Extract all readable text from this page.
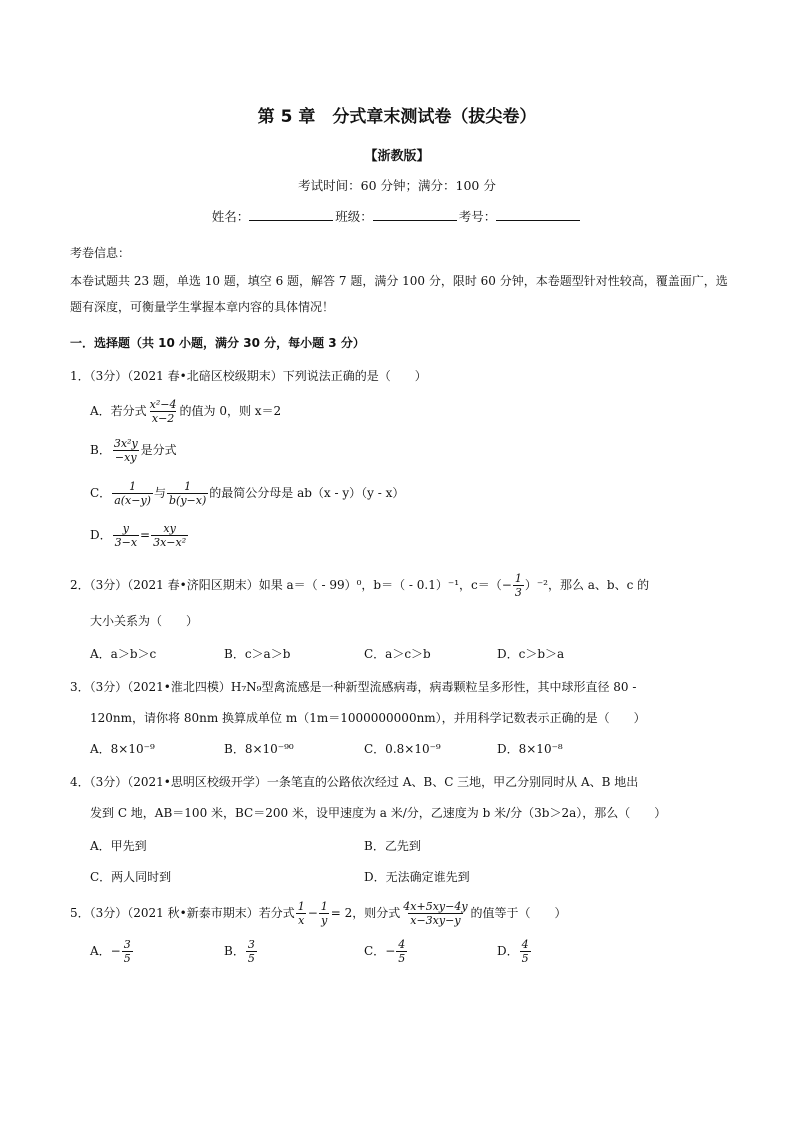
第 5 章　分式章末测试卷（拔尖卷）
【浙教版】
考试时间：60 分钟；满分：100 分
姓名：	班级：	考号：
考卷信息：
本卷试题共 23 题，单选 10 题，填空 6 题，解答 7 题，满分 100 分，限时 60 分钟，本卷题型针对性较高，覆盖面广，选题有深度，可衡量学生掌握本章内容的具体情况！
一．选择题（共 10 小题，满分 30 分，每小题 3 分）
1．（3分）（2021 春•北碚区校级期末）下列说法正确的是（　　）
A．若分式 $\frac{\text{x²−4}}{x-2}$ 的值为 0，则 x＝2
B． $\frac{\text{3x²y}}{-xy}$ 是分式
C． $\frac{1}{a(x-y)}$ 与 $\frac{1}{b(y-x)}$ 的最简公分母是 ab（x - y）（y - x）
D． $\frac{y}{3-x} = \frac{xy}{\text{3x−x²}}$
2．（3分）（2021 春•济阳区期末）如果 a＝（ - 99）⁰，b＝（ - 0.1）⁻¹，$c=(- \frac{1}{3} )^{-2}$，那么 a、b、c 的
大小关系为（　　）
A．a＞b＞c	B．c＞a＞b	C．a＞c＞b	D．c＞b＞a
3．（3分）（2021•淮北四模）H₇N₉型禽流感是一种新型流感病毒，病毒颗粒呈多形性，其中球形直径 80 -
120nm，请你将 80nm 换算成单位 m（1m＝1000000000nm），并用科学记数表示正确的是（　　）
A．8×10⁻⁹	B．8×10⁻⁹⁰	C．0.8×10⁻⁹	D．8×10⁻⁸
4．（3分）（2021•思明区校级开学）一条笔直的公路依次经过 A、B、C 三地，甲乙分别同时从 A、B 地出
发到 C 地，AB＝100 米，BC＝200 米，设甲速度为 a 米/分，乙速度为 b 米/分（3b＞2a），那么（　　）
A．甲先到	B．乙先到
C．两人同时到	D．无法确定谁先到
5．（3分）（2021 秋•新泰市期末）若分式 $\frac{1}{x} - \frac{1}{y} = 2$，则分式 $\frac{4x+5xy-4y}{x-3xy-y}$ 的值等于（　　）
A．− $\frac{3}{5}$	B． $\frac{3}{5}$	C．− $\frac{4}{5}$	D． $\frac{4}{5}$
